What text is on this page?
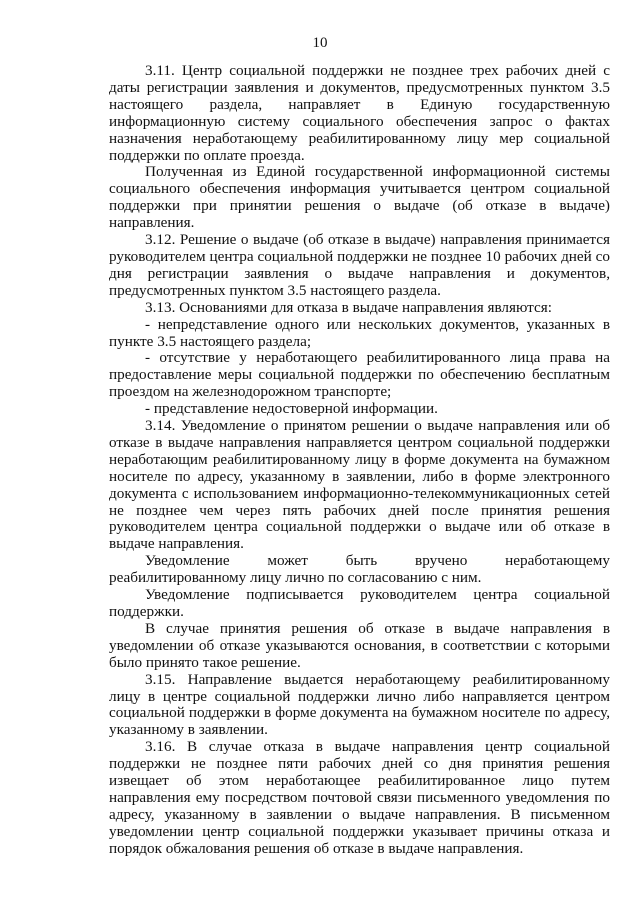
10

3.11. Центр социальной поддержки не позднее трех рабочих дней с даты регистрации заявления и документов, предусмотренных пунктом 3.5 настоящего раздела, направляет в Единую государственную информационную систему социального обеспечения запрос о фактах назначения неработающему реабилитированному лицу мер социальной поддержки по оплате проезда.

Полученная из Единой государственной информационной системы социального обеспечения информация учитывается центром социальной поддержки при принятии решения о выдаче (об отказе в выдаче) направления.

3.12. Решение о выдаче (об отказе в выдаче) направления принимается руководителем центра социальной поддержки не позднее 10 рабочих дней со дня регистрации заявления о выдаче направления и документов, предусмотренных пунктом 3.5 настоящего раздела.

3.13. Основаниями для отказа в выдаче направления являются:

- непредставление одного или нескольких документов, указанных в пункте 3.5 настоящего раздела;

- отсутствие у неработающего реабилитированного лица права на предоставление меры социальной поддержки по обеспечению бесплатным проездом на железнодорожном транспорте;

- представление недостоверной информации.

3.14. Уведомление о принятом решении о выдаче направления или об отказе в выдаче направления направляется центром социальной поддержки неработающим реабилитированному лицу в форме документа на бумажном носителе по адресу, указанному в заявлении, либо в форме электронного документа с использованием информационно-телекоммуникационных сетей не позднее чем через пять рабочих дней после принятия решения руководителем центра социальной поддержки о выдаче или об отказе в выдаче направления.

Уведомление может быть вручено неработающему реабилитированному лицу лично по согласованию с ним.

Уведомление подписывается руководителем центра социальной поддержки.

В случае принятия решения об отказе в выдаче направления в уведомлении об отказе указываются основания, в соответствии с которыми было принято такое решение.

3.15. Направление выдается неработающему реабилитированному лицу в центре социальной поддержки лично либо направляется центром социальной поддержки в форме документа на бумажном носителе по адресу, указанному в заявлении.

3.16. В случае отказа в выдаче направления центр социальной поддержки не позднее пяти рабочих дней со дня принятия решения извещает об этом неработающее реабилитированное лицо путем направления ему посредством почтовой связи письменного уведомления по адресу, указанному в заявлении о выдаче направления. В письменном уведомлении центр социальной поддержки указывает причины отказа и порядок обжалования решения об отказе в выдаче направления.
